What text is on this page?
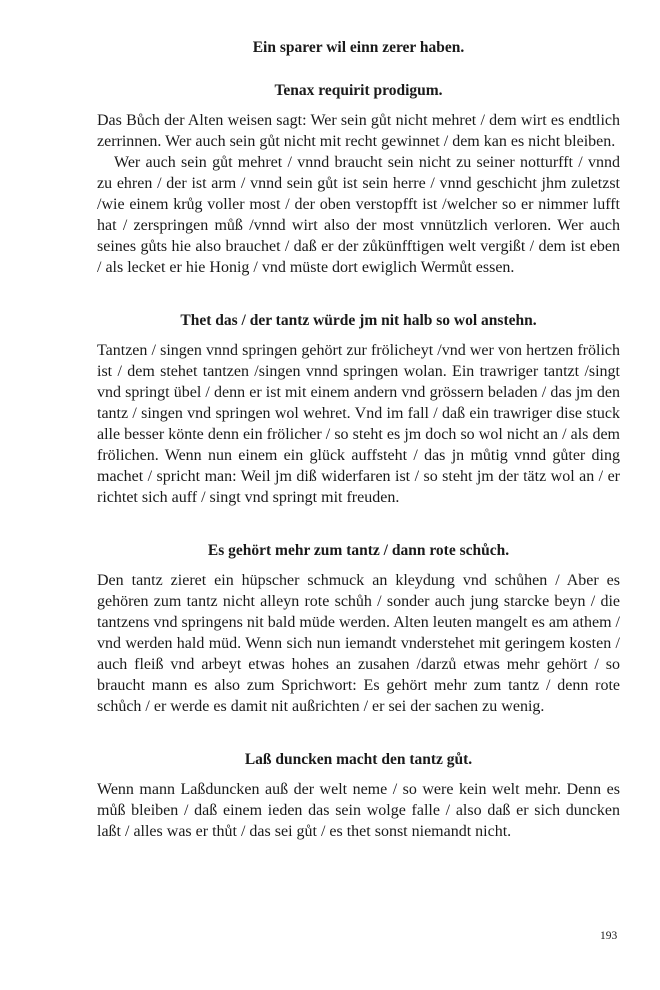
Ein sparer wil einn zerer haben.

Tenax requirit prodigum.

Das Bůch der Alten weisen sagt: Wer sein gůt nicht mehret / dem wirt es endtlich zerrinnen. Wer auch sein gůt nicht mit recht gewinnet / dem kan es nicht bleiben.

Wer auch sein gůt mehret / vnnd braucht sein nicht zu seiner notturfft / vnnd zu ehren / der ist arm / vnnd sein gůt ist sein herre / vnnd geschicht jhm zuletzst /wie einem krůg voller most / der oben verstopfft ist /welcher so er nimmer lufft hat / zerspringen můß /vnnd wirt also der most vnnützlich verloren. Wer auch seines gůts hie also brauchet / daß er der zůkünfftigen welt vergißt / dem ist eben / als lecket er hie Honig / vnd müste dort ewiglich Wermůt essen.

Thet das / der tantz würde jm nit halb so wol anstehn.

Tantzen / singen vnnd springen gehört zur frölicheyt /vnd wer von hertzen frölich ist / dem stehet tantzen /singen vnnd springen wolan. Ein trawriger tantzt /singt vnd springt übel / denn er ist mit einem andern vnd grössern beladen / das jm den tantz / singen vnd springen wol wehret. Vnd im fall / daß ein trawriger dise stuck alle besser könte denn ein frölicher / so steht es jm doch so wol nicht an / als dem frölichen. Wenn nun einem ein glück auffsteht / das jn můtig vnnd gůter ding machet / spricht man: Weil jm diß widerfaren ist / so steht jm der tätz wol an / er richtet sich auff / singt vnd springt mit freuden.

Es gehört mehr zum tantz / dann rote schůch.

Den tantz zieret ein hüpscher schmuck an kleydung vnd schůhen / Aber es gehören zum tantz nicht alleyn rote schůh / sonder auch jung starcke beyn / die tantzens vnd springens nit bald müde werden. Alten leuten mangelt es am athem / vnd werden hald müd. Wenn sich nun iemandt vnderstehet mit geringem kosten / auch fleiß vnd arbeyt etwas hohes an zusahen /darzů etwas mehr gehört / so braucht mann es also zum Sprichwort: Es gehört mehr zum tantz / denn rote schůch / er werde es damit nit außrichten / er sei der sachen zu wenig.

Laß duncken macht den tantz gůt.

Wenn mann Laßduncken auß der welt neme / so were kein welt mehr. Denn es můß bleiben / daß einem ieden das sein wolge falle / also daß er sich duncken laßt / alles was er thůt / das sei gůt / es thet sonst niemandt nicht.

193
